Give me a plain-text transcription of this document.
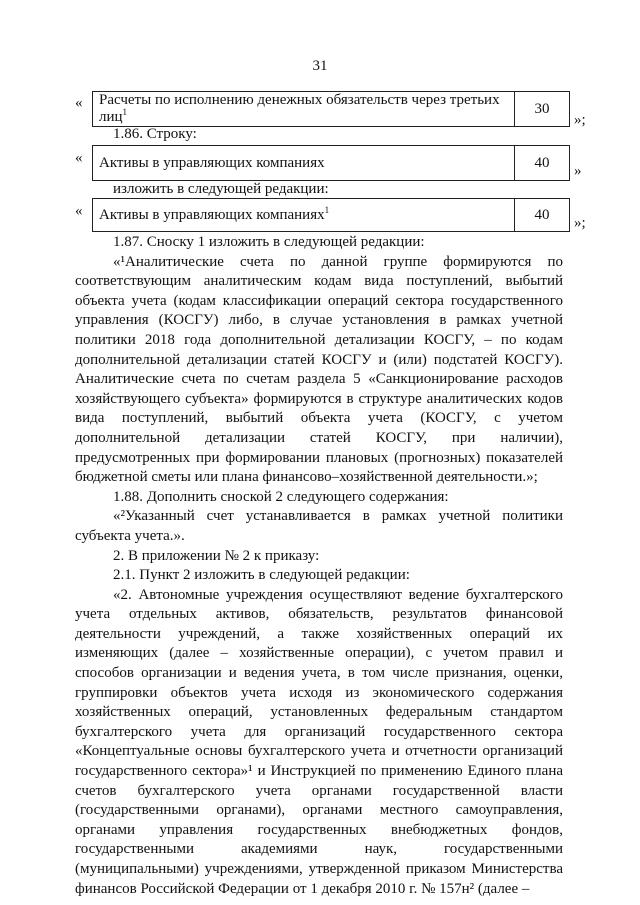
31
« Расчеты по исполнению денежных обязательств через третьих лиц$^1$	30
»;
1.86. Строку:
« Активы в управляющих компаниях	40
»
изложить в следующей редакции:
« Активы в управляющих компаниях$^1$	40
»;

1.87. Сноску 1 изложить в следующей редакции:

«¹Аналитические счета по данной группе формируются по

соответствующим аналитическим кодам вида поступлений, выбытий

объекта учета (кодам классификации операций сектора государственного

управления (КОСГУ) либо, в случае установления в рамках учетной

политики 2018 года дополнительной детализации КОСГУ, – по кодам

дополнительной детализации статей КОСГУ и (или) подстатей КОСГУ).

Аналитические счета по счетам раздела 5 «Санкционирование расходов

хозяйствующего субъекта» формируются в структуре аналитических кодов

вида поступлений, выбытий объекта учета (КОСГУ, с учетом

дополнительной детализации статей КОСГУ, при наличии),

предусмотренных при формировании плановых (прогнозных) показателей

бюджетной сметы или плана финансово–хозяйственной деятельности.»;

1.88. Дополнить сноской 2 следующего содержания:

«²Указанный счет устанавливается в рамках учетной политики

субъекта учета.».

2. В приложении № 2 к приказу:

2.1. Пункт 2 изложить в следующей редакции:

«2. Автономные учреждения осуществляют ведение бухгалтерского

учета отдельных активов, обязательств, результатов финансовой

деятельности учреждений, а также хозяйственных операций их

изменяющих (далее – хозяйственные операции), с учетом правил и

способов организации и ведения учета, в том числе признания, оценки,

группировки объектов учета исходя из экономического содержания

хозяйственных операций, установленных федеральным стандартом

бухгалтерского учета для организаций государственного сектора

«Концептуальные основы бухгалтерского учета и отчетности организаций

государственного сектора»¹ и Инструкцией по применению Единого плана

счетов бухгалтерского учета органами государственной власти

(государственными органами), органами местного самоуправления,

органами управления государственных внебюджетных фондов,

государственными академиями наук, государственными

(муниципальными) учреждениями, утвержденной приказом Министерства

финансов Российской Федерации от 1 декабря 2010 г. № 157н² (далее –
